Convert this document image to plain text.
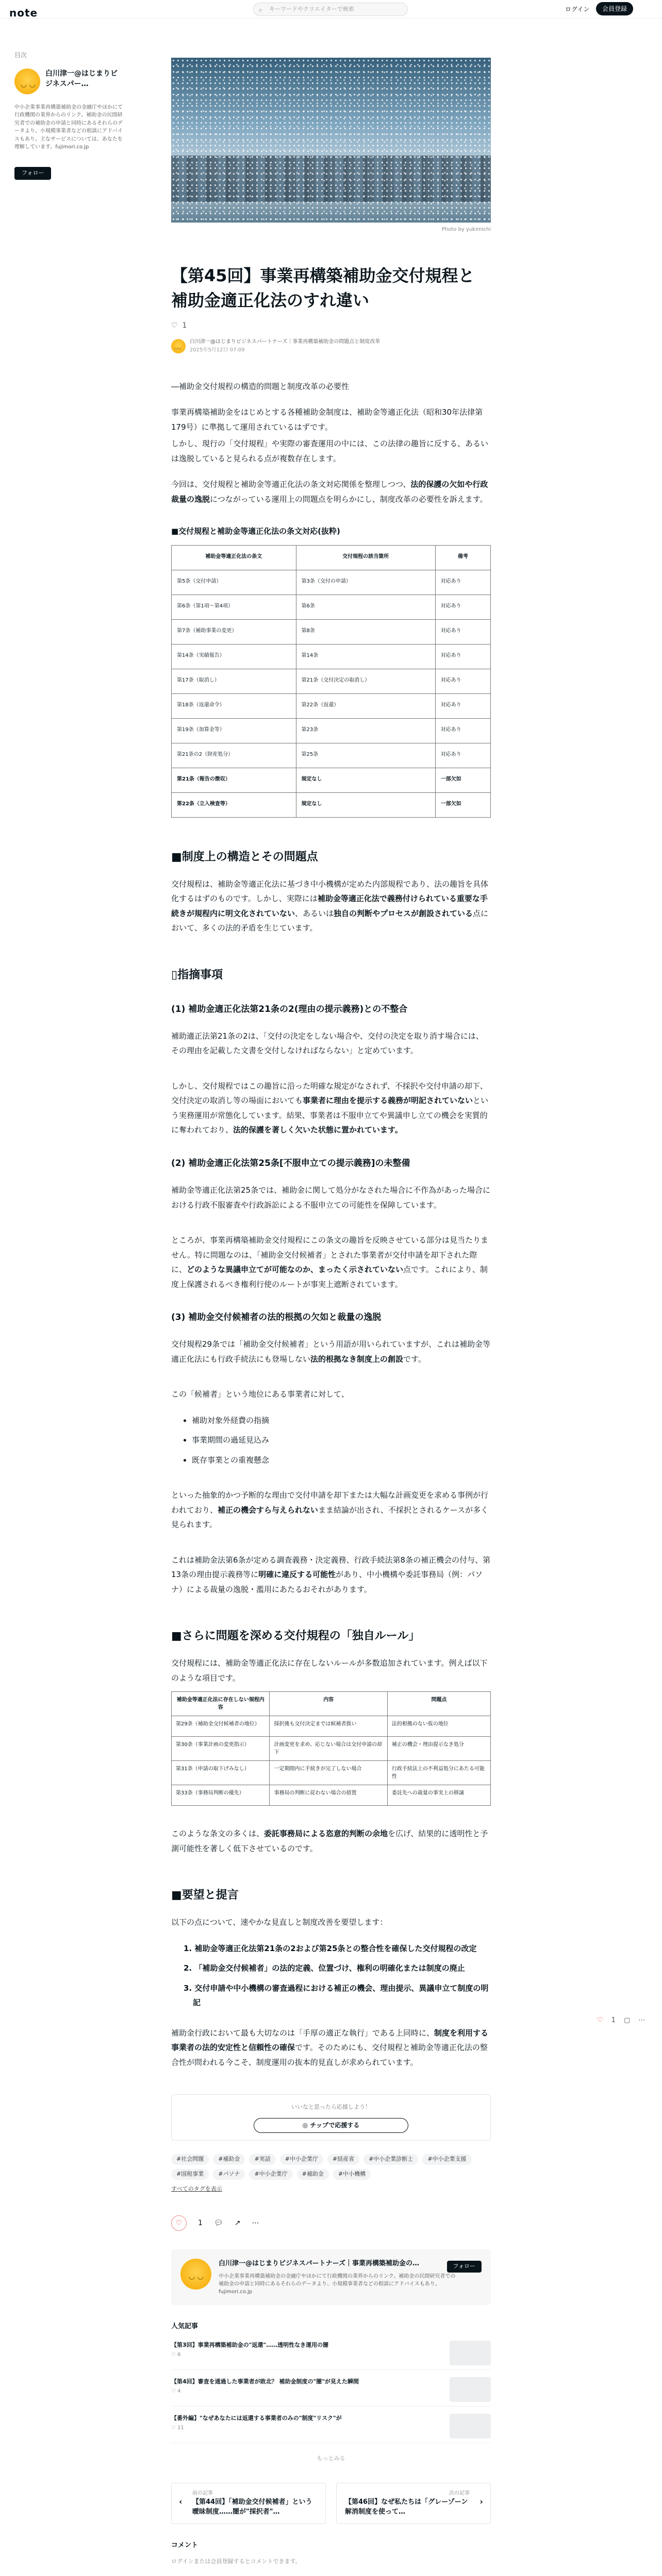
note	⌕ キーワードやクリエイターで検索	ログイン	会員登録
目次
◡ ◡
白川津一@はじまりビジネスパー…
中小企業事業再構築補助金の金融庁やほかにて行政機関の業界からのリンク。補助金の民間研究者での補助金の申請と同時にあるそれらのデータより、小規模事業者などの相談にアドバイスもあり。主なサービスについては、あなたを理解しています。fujimori.co.jp
フォロー
Photo by yukimichi
【第45回】事業再構築補助金交付規程と補助金適正化法のすれ違い
♡ 1
◡◡
白川津一@はじまりビジネスパートナーズ｜事業再構築補助金の問題点と制度改革
2025年5月12日 07:09

―補助金交付規程の構造的問題と制度改革の必要性

事業再構築補助金をはじめとする各種補助金制度は、補助金等適正化法（昭和30年法律第179号）に準拠して運用されているはずです。

しかし、現行の「交付規程」や実際の審査運用の中には、この法律の趣旨に反する、あるいは逸脱していると見られる点が複数存在します。

今回は、交付規程と補助金等適正化法の条文対応関係を整理しつつ、法的保護の欠如や行政裁量の逸脱につながっている運用上の問題点を明らかにし、制度改革の必要性を訴えます。

■交付規程と補助金等適正化法の条文対応(抜粋)
補助金等適正化法の条文	交付規程の該当箇所	備考
第5条（交付申請）	第3条（交付の申請）	対応あり
第6条（第1項〜第4項）	第6条	対応あり
第7条（補助事業の変更）	第8条	対応あり
第14条（実績報告）	第14条	対応あり
第17条（取消し）	第21条（交付決定の取消し）	対応あり
第18条（返還命令）	第22条（返還）	対応あり
第19条（加算金等）	第23条	対応あり
第21条の2（財産処分）	第25条	対応あり
第21条（報告の徴収）	規定なし	一部欠如
第22条（立入検査等）	規定なし	一部欠如
■制度上の構造とその問題点

交付規程は、補助金等適正化法に基づき中小機構が定めた内部規程であり、法の趣旨を具体化するはずのものです。しかし、実際には補助金等適正化法で義務付けられている重要な手続きが規程内に明文化されていない、あるいは独自の判断やプロセスが創設されている点において、多くの法的矛盾を生じています。

▯指摘事項
(1) 補助金適正化法第21条の2(理由の提示義務)との不整合

補助適正法第21条の2は、「交付の決定をしない場合や、交付の決定を取り消す場合には、その理由を記載した文書を交付しなければならない」と定めています。

しかし、交付規程ではこの趣旨に沿った明確な規定がなされず、不採択や交付申請の却下、交付決定の取消し等の場面においても事業者に理由を提示する義務が明記されていないという実務運用が常態化しています。結果、事業者は不服申立てや異議申し立ての機会を実質的に奪われており、法的保護を著しく欠いた状態に置かれています。

(2) 補助金適正化法第25条[不服申立ての提示義務]の未整備

補助金等適正化法第25条では、補助金に関して処分がなされた場合に不作為があった場合における行政不服審査や行政訴訟による不服申立ての可能性を保障しています。

ところが、事業再構築補助金交付規程にこの条文の趣旨を反映させている部分は見当たりません。特に問題なのは、「補助金交付候補者」とされた事業者が交付申請を却下された際に、どのような異議申立てが可能なのか、まったく示されていない点です。これにより、制度上保護されるべき権利行使のルートが事実上遮断されています。

(3) 補助金交付候補者の法的根拠の欠如と裁量の逸脱

交付規程29条では「補助金交付候補者」という用語が用いられていますが、これは補助金等適正化法にも行政手続法にも登場しない法的根拠なき制度上の創設です。

この「候補者」という地位にある事業者に対して、

補助対象外経費の指摘
事業期間の過延見込み
既存事業との重複懸念

といった抽象的かつ予断的な理由で交付申請を却下または大幅な計画変更を求める事例が行われており、補正の機会すら与えられないまま結論が出され、不採択とされるケースが多く見られます。

これは補助金法第6条が定める調査義務・決定義務、行政手続法第8条の補正機会の付与、第13条の理由提示義務等に明確に違反する可能性があり、中小機構や委託事務局（例：パソナ）による裁量の逸脱・濫用にあたるおそれがあります。

■さらに問題を深める交付規程の「独自ルール」

交付規程には、補助金等適正化法に存在しないルールが多数追加されています。例えば以下のような項目です。

補助金等適正化法に存在しない規程内容	内容	問題点
第29条（補助金交付候補者の地位）	採択後も交付決定までは候補者扱い	法的根拠のない仮の地位
第30条（事業計画の変更指示）	計画変更を求め、応じない場合は交付申請の却下	補正の機会・理由提示なき処分
第31条（申請の取下げみなし）	一定期間内に手続きが完了しない場合	行政手続法上の不利益処分にあたる可能性
第33条（事務局判断の優先）	事務局の判断に従わない場合の措置	委託先への裁量の事実上の移譲

このような条文の多くは、委託事務局による恣意的判断の余地を広げ、結果的に透明性と予測可能性を著しく低下させているのです。

■要望と提言

以下の点について、速やかな見直しと制度改善を要望します：

1. 補助金等適正化法第21条の2および第25条との整合性を確保した交付規程の改定
2. 「補助金交付候補者」の法的定義、位置づけ、権利の明確化または制度の廃止
3. 交付申請や中小機構の審査過程における補正の機会、理由提示、異議申立て制度の明記

補助金行政において最も大切なのは「手厚の適正な執行」である上同時に、制度を利用する事業者の法的安定性と信頼性の確保です。そのためにも、交付規程と補助金等適正化法の整合性が問われる今こそ、制度運用の抜本的見直しが求められています。

いいなと思ったら応援しよう！
◎ チップで応援する
#社会問題	#補助金	#実話	#中小企業庁	#経産省	#中小企業診断士	#中小企業支援
#国税事業	#パソナ	#中小企業庁	#補助金	#中小機構
すべてのタグを表示
♡	1 💬︎ ↗ ⋯
◡ ◡
白川津一@はじまりビジネスパートナーズ｜事業再構築補助金の…
中小企業事業再構築補助金の金融庁やほかにて行政機関の業界からのリンク。補助金の民間研究者での補助金の申請と同時にあるそれらのデータより、小規模事業者などの相談にアドバイスもあり。fujimori.co.jp
フォロー
人気記事
【第3回】事業再構築補助金の"返還"……透明性なき運用の闇
♡ 6
【第4回】審査を通過した事業者が敗北？ 補助金制度の"闇"が見えた瞬間
♡ 4
【番外編】"なぜあなたには返還する事業者のみの"制度"リスク"が
♡ 11
もっとみる
‹
前の記事
【第44回】「補助金交付候補者」という曖昧制度……闇が"採択者"…
›
次の記事
【第46回】なぜ私たちは「グレーゾーン解消制度を使って…
コメント
ログインまたは会員登録するとコメントできます。
♡ 1 ▢ ⋯
